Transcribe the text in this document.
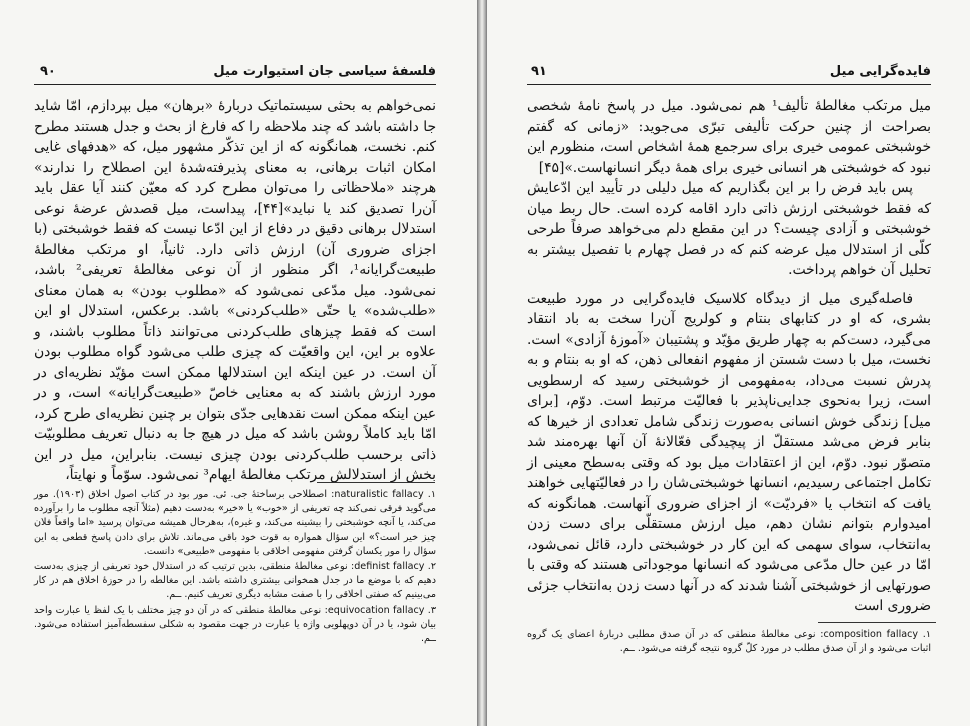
فلسفهٔ سیاسی جان استیوارت میل
۹۰

نمی‌خواهم به بحثی سیستماتیک دربارهٔ «برهان» میل بپردازم، امّا شاید جا داشته باشد که چند ملاحظه را که فارغ از بحث و جدل هستند مطرح کنم. نخست، همانگونه که از این تذکّر مشهور میل، که «هدفهای غایی امکان اثبات برهانی، به معنای پذیرفته‌شده‌ٔ این اصطلاح را ندارند» هرچند «ملاحظاتی را می‌توان مطرح کرد که معیّن کنند آیا عقل باید آن‌را تصدیق کند یا نباید»[۴۴]، پیداست، میل قصدش عرضهٔ نوعی استدلال برهانی دقیق در دفاع از این ادّعا نیست که فقط خوشبختی (با اجزای ضروری آن) ارزش ذاتی دارد. ثانیاً، او مرتکب مغالطهٔ طبیعت‌گرایانه¹، اگر منظور از آن نوعی مغالطهٔ تعریفی² باشد، نمی‌شود. میل مدّعی نمی‌شود که «مطلوب بودن» به همان معنای «طلب‌شده» یا حتّی «طلب‌کردنی» باشد. برعکس، استدلال او این است که فقط چیزهای طلب‌کردنی می‌توانند ذاتاً مطلوب باشند، و علاوه بر این، این واقعیّت که چیزی طلب می‌شود گواه مطلوب بودن آن است. در عین اینکه این استدلالها ممکن است مؤیّد نظریه‌ای در مورد ارزش باشند که به معنایی خاصّ «طبیعت‌گرایانه» است، و در عین اینکه ممکن است نقدهایی جدّی بتوان بر چنین نظریه‌ای طرح کرد، امّا باید کاملاً روشن باشد که میل در هیچ جا به دنبال تعریف مطلوبیّت ذاتی برحسب طلب‌کردنی بودن چیزی نیست. بنابراین، میل در این بخش از استدلالش مرتکب مغالطهٔ ایهام³ نمی‌شود. سوّماً و نهایتاً،

۱. naturalistic fallacy: اصطلاحی برساختهٔ جی. ئی. مور بود در کتاب اصول اخلاق (۱۹۰۳). مور می‌گوید فرقی نمی‌کند چه تعریفی از «خوب» یا «خیر» به‌دست دهیم (مثلاً آنچه مطلوب ما را برآورده می‌کند، یا آنچه خوشبختی را بیشینه می‌کند، و غیره)، به‌هرحال همیشه می‌توان پرسید «اما واقعاً فلان چیز خیر است؟» این سؤال همواره به قوت خود باقی می‌ماند. تلاش برای دادن پاسخ قطعی به این سؤال را مور یکسان گرفتن مفهومی اخلاقی با مفهومی «طبیعی» دانست.

۲. definist fallacy: نوعی مغالطهٔ منطقی، بدین ترتیب که در استدلال خود تعریفی از چیزی به‌دست دهیم که با موضع ما در جدل همخوانی بیشتری داشته باشد. این مغالطه را در حوزهٔ اخلاق هم در کار می‌بینیم که صفتی اخلاقی را با صفت مشابه دیگری تعریف کنیم. ــم.

۳. equivocation fallacy: نوعی مغالطهٔ منطقی که در آن دو چیز مختلف با یک لفظ یا عبارت واحد بیان شود، یا در آن دوپهلویی واژه یا عبارت در جهت مقصود به شکلی سفسطه‌آمیز استفاده می‌شود. ــم.

فایده‌گرایی میل
۹۱

میل مرتکب مغالطهٔ تألیف¹ هم نمی‌شود. میل در پاسخ نامهٔ شخصی بصراحت از چنین حرکت تألیفی تبرّی می‌جوید: «زمانی که گفتم خوشبختی عمومی خیری برای سرجمع همهٔ اشخاص است، منظورم این نبود که خوشبختی هر انسانی خیری برای همهٔ دیگر انسانهاست.»[۴۵]

پس باید فرض را بر این بگذاریم که میل دلیلی در تأیید این ادّعایش که فقط خوشبختی ارزش ذاتی دارد اقامه کرده است. حال ربط میان خوشبختی و آزادی چیست؟ در این مقطع دلم می‌خواهد صرفاً طرحی کلّی از استدلال میل عرضه کنم که در فصل چهارم با تفصیل بیشتر به تحلیل آن خواهم پرداخت.

فاصله‌گیری میل از دیدگاه کلاسیک فایده‌گرایی در مورد طبیعت بشری، که او در کتابهای بنتام و کولریج آن‌را سخت به باد انتقاد می‌گیرد، دست‌کم به چهار طریق مؤیّد و پشتیبان «آموزهٔ آزادی» است. نخست، میل با دست شستن از مفهوم انفعالی ذهن، که او به بنتام و به پدرش نسبت می‌داد، به‌مفهومی از خوشبختی رسید که ارسطویی است، زیرا به‌نحوی جدایی‌ناپذیر با فعالیّت مرتبط است. دوّم، [برای میل] زندگی خوش انسانی به‌صورت زندگی شامل تعدادی از خیرها که بنابر فرض می‌شد مستقلّ از پیچیدگی فعّالانهٔ آن آنها بهره‌مند شد متصوّر نبود. دوّم، این از اعتقادات میل بود که وقتی به‌سطح معینی از تکامل اجتماعی رسیدیم، انسانها خوشبختی‌شان را در فعالیّتهایی خواهند یافت که انتخاب یا «فردیّت» از اجزای ضروری آنهاست. همانگونه که امیدوارم بتوانم نشان دهم، میل ارزش مستقلّی برای دست زدن به‌انتخاب، سوای سهمی که این کار در خوشبختی دارد، قائل نمی‌شود، امّا در عین حال مدّعی می‌شود که انسانها موجوداتی هستند که وقتی با صورتهایی از خوشبختی آشنا شدند که در آنها دست زدن به‌انتخاب جزئی ضروری است

۱. composition fallacy: نوعی مغالطهٔ منطقی که در آن صدق مطلبی دربارهٔ اعضای یک گروه اثبات می‌شود و از آن صدق مطلب در مورد کلّ گروه نتیجه گرفته می‌شود. ــم.
